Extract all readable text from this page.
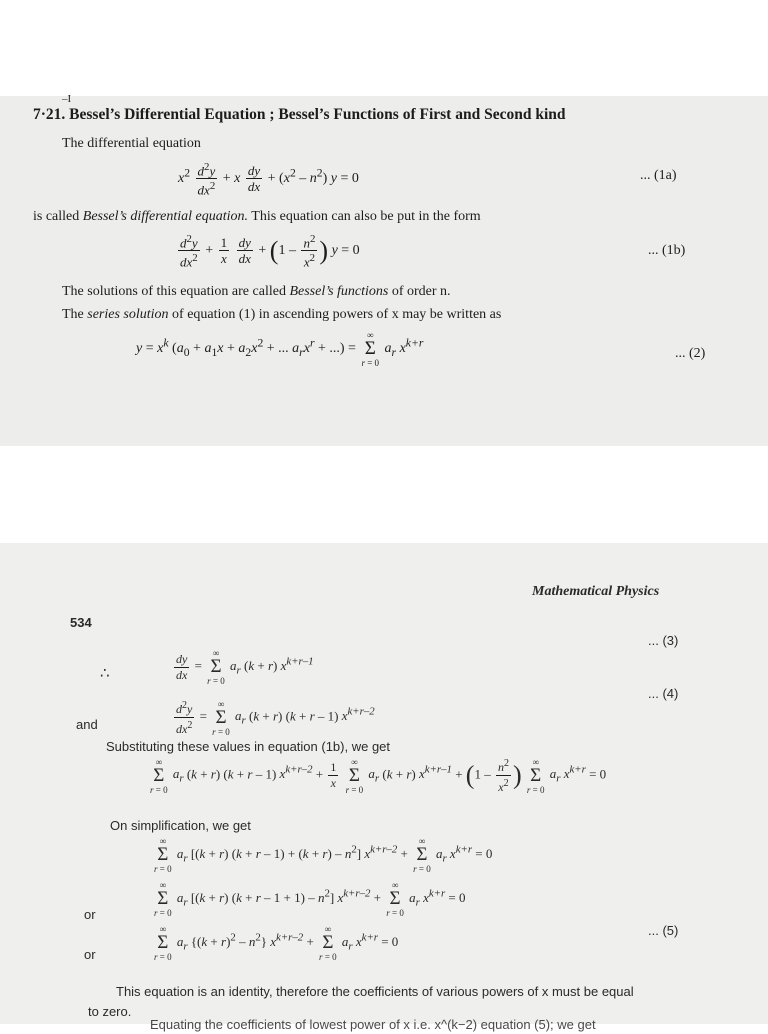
–I
7·21. Bessel’s Differential Equation ; Bessel’s Functions of First and Second kind
The differential equation
$x^2 \frac{d^2y}{dx^2} + x \frac{dy}{dx} + (x^2 - n^2) y = 0$	... (1a)
is called Bessel’s differential equation. This equation can also be put in the form
$\frac{d^2y}{dx^2} + \frac{1}{x}$
$\frac{dy}{dx} + (1 - \frac{n^2}{x^2}$ ) y = 0	... (1b)
The solutions of this equation are called Bessel’s functions of order n.
The series solution of equation (1) in ascending powers of x may be written as
$y = x^k$ ($a_0 + a_1x + a_2x^2$ + ... $a_rx^r$ + ...) =
∞
Σ
r = 0
$a_r$ $x^{k+r}$
... (2)
Mathematical Physics
534
... (3)
∴	$\frac{dy}{dx}$ =
∞
Σ
r = 0
$a_r$ (k + r) $x^{k+r-1}$
... (4)
and	$\frac{d^2y}{dx^2}$ =
∞
Σ
r = 0
$a_r$ (k + r) (k + r – 1) $x^{k+r-2}$
Substituting these values in equation (1b), we get
∞
Σ
r = 0
$a_r$ (k + r) (k + r – 1) $x^{k+r-2} + \frac{1}{x}$
	∞
Σ
r = 0
$a_r$ (k + r) $x^{k+r-1} + (1 - \frac{n^2}{x^2}$ )	∞
Σ
r = 0
$a_r$ $x^{k+r} = 0$
On simplification, we get
∞
Σ
r = 0
$a_r$ [(k + r) $(k + r - 1) + (k + r) - n^2$] $x^{k+r-2}$ +
∞
Σ
r = 0
$a_r$ $x^{k+r} = 0$
or
∞
Σ
r = 0
$a_r$ [(k + r) $(k + r - 1 + 1) - n^2$] $x^{k+r-2}$ +
∞
Σ
r = 0
$a_r$ $x^{k+r} = 0$
or
∞
Σ
r = 0
$a_r$ $\{(k + r)^2 - n^2\}$ $x^{k+r-2}$ +
∞
Σ
r = 0
$a_r$ $x^{k+r} = 0$
... (5)
This equation is an identity, therefore the coefficients of various powers of x must be equal
to zero.
Equating the coefficients of lowest power of x i.e. x^(k−2) equation (5); we get
